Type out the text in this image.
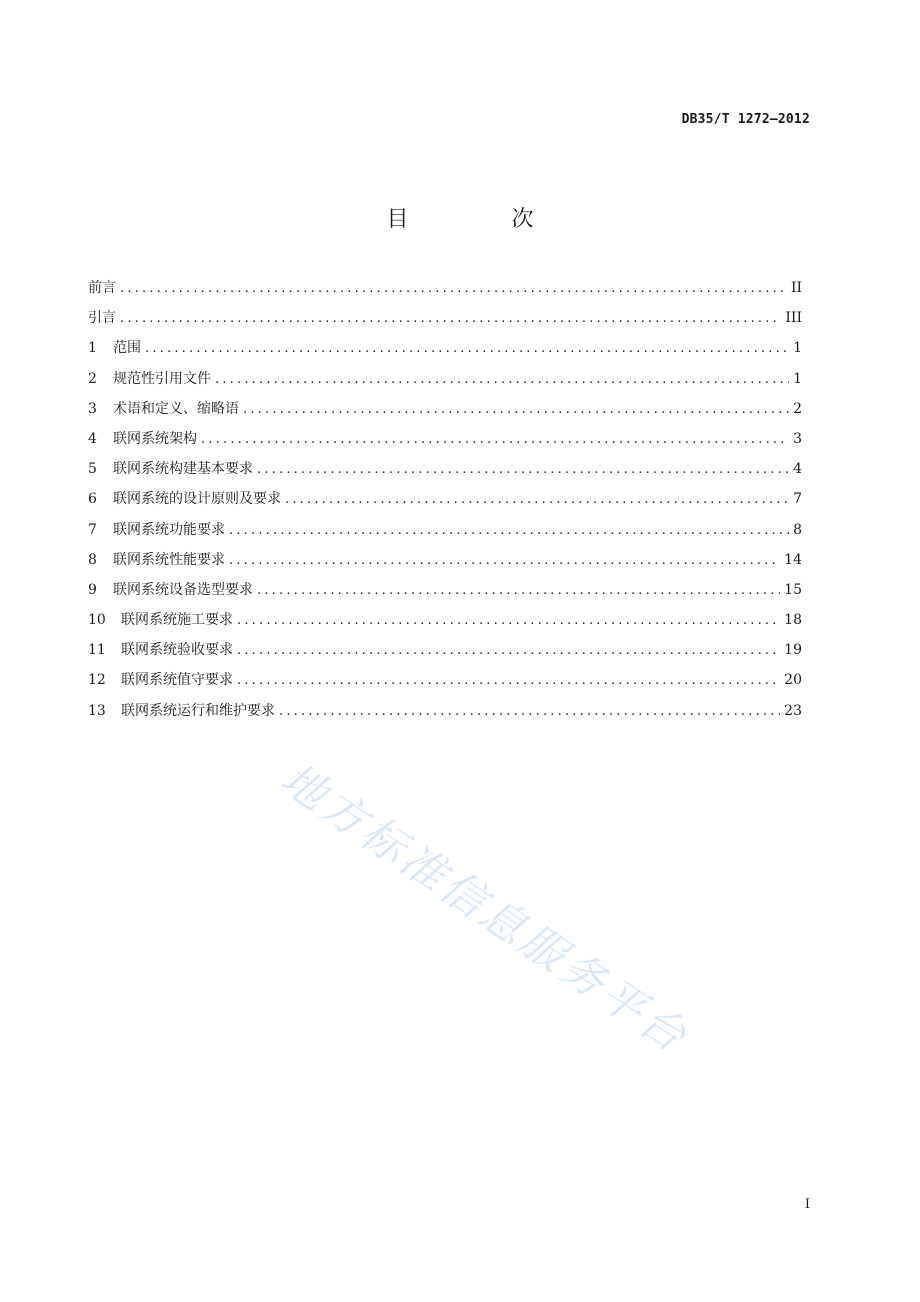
DB35/T 1272—2012
目 次
前言 .....	II
引言 .....	III
1	范围 .....	1
2	规范性引用文件 .....	1
3	术语和定义、缩略语 .....	2
4	联网系统架构 .....	3
5	联网系统构建基本要求 .....	4
6	联网系统的设计原则及要求 .....	7
7	联网系统功能要求 .....	8
8	联网系统性能要求 .....	14
9	联网系统设备选型要求 .....	15
10	联网系统施工要求 .....	18
11	联网系统验收要求 .....	19
12	联网系统值守要求 .....	20
13	联网系统运行和维护要求 .....	23
地方标准信息服务平台
I
